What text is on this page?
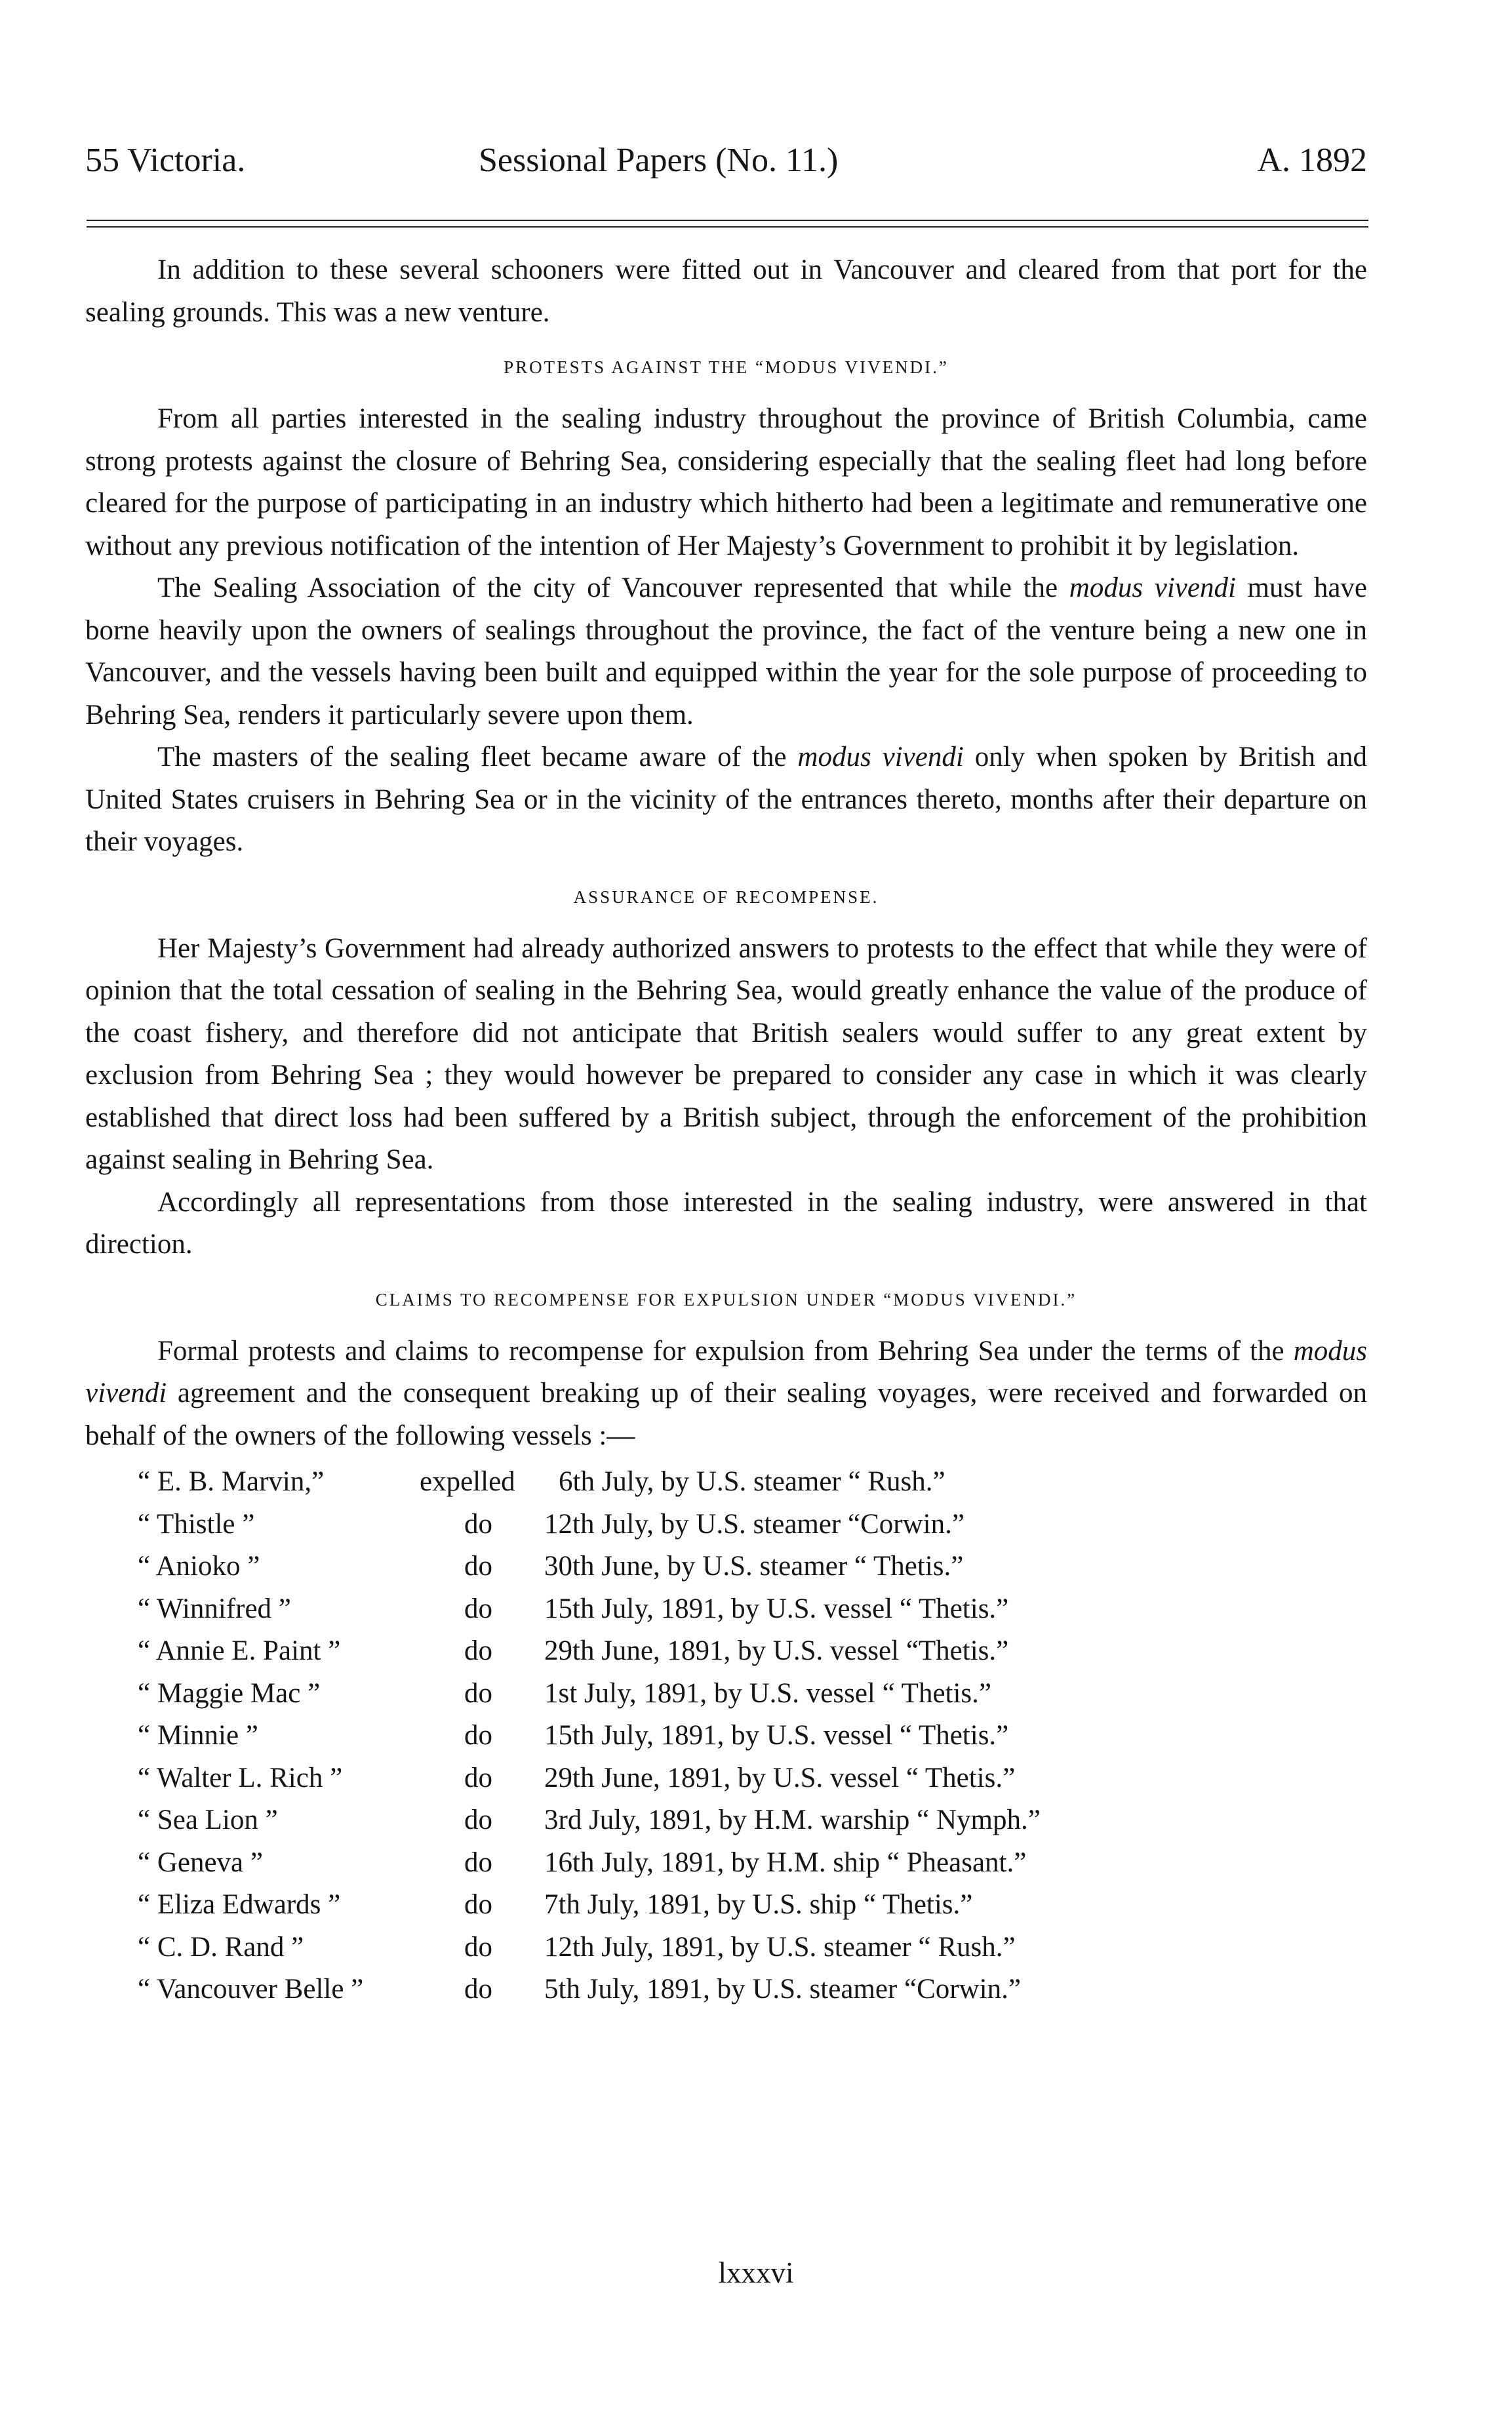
55 Victoria.	Sessional Papers (No. 11.)	A. 1892

In addition to these several schooners were fitted out in Vancouver and cleared from that port for the sealing grounds. This was a new venture.

PROTESTS AGAINST THE “MODUS VIVENDI.”

From all parties interested in the sealing industry throughout the province of British Columbia, came strong protests against the closure of Behring Sea, considering especially that the sealing fleet had long before cleared for the purpose of participating in an industry which hitherto had been a legitimate and remunerative one without any previous notification of the intention of Her Majesty’s Government to prohibit it by legislation.

The Sealing Association of the city of Vancouver represented that while the modus vivendi must have borne heavily upon the owners of sealings throughout the province, the fact of the venture being a new one in Vancouver, and the vessels having been built and equipped within the year for the sole purpose of proceeding to Behring Sea, renders it particularly severe upon them.

The masters of the sealing fleet became aware of the modus vivendi only when spoken by British and United States cruisers in Behring Sea or in the vicinity of the entrances thereto, months after their departure on their voyages.

ASSURANCE OF RECOMPENSE.

Her Majesty’s Government had already authorized answers to protests to the effect that while they were of opinion that the total cessation of sealing in the Behring Sea, would greatly enhance the value of the produce of the coast fishery, and therefore did not anticipate that British sealers would suffer to any great extent by exclusion from Behring Sea ; they would however be prepared to consider any case in which it was clearly established that direct loss had been suffered by a British subject, through the enforcement of the prohibition against sealing in Behring Sea.

Accordingly all representations from those interested in the sealing industry, were answered in that direction.

CLAIMS TO RECOMPENSE FOR EXPULSION UNDER “MODUS VIVENDI.”

Formal protests and claims to recompense for expulsion from Behring Sea under the terms of the modus vivendi agreement and the consequent breaking up of their sealing voyages, were received and forwarded on behalf of the owners of the following vessels :—

“ E. B. Marvin,”	expelled 6th July, by U.S. steamer “ Rush.”
“ Thistle ”	do 12th July, by U.S. steamer “Corwin.”
“ Anioko ”	do 30th June, by U.S. steamer “ Thetis.”
“ Winnifred ”	do 15th July, 1891, by U.S. vessel “ Thetis.”
“ Annie E. Paint ”	do 29th June, 1891, by U.S. vessel “Thetis.”
“ Maggie Mac ”	do 1st July, 1891, by U.S. vessel “ Thetis.”
“ Minnie ”	do 15th July, 1891, by U.S. vessel “ Thetis.”
“ Walter L. Rich ”	do 29th June, 1891, by U.S. vessel “ Thetis.”
“ Sea Lion ”	do 3rd July, 1891, by H.M. warship “ Nymph.”
“ Geneva ”	do 16th July, 1891, by H.M. ship “ Pheasant.”
“ Eliza Edwards ”	do 7th July, 1891, by U.S. ship “ Thetis.”
“ C. D. Rand ”	do 12th July, 1891, by U.S. steamer “ Rush.”
“ Vancouver Belle ”	do 5th July, 1891, by U.S. steamer “Corwin.”
lxxxvi
